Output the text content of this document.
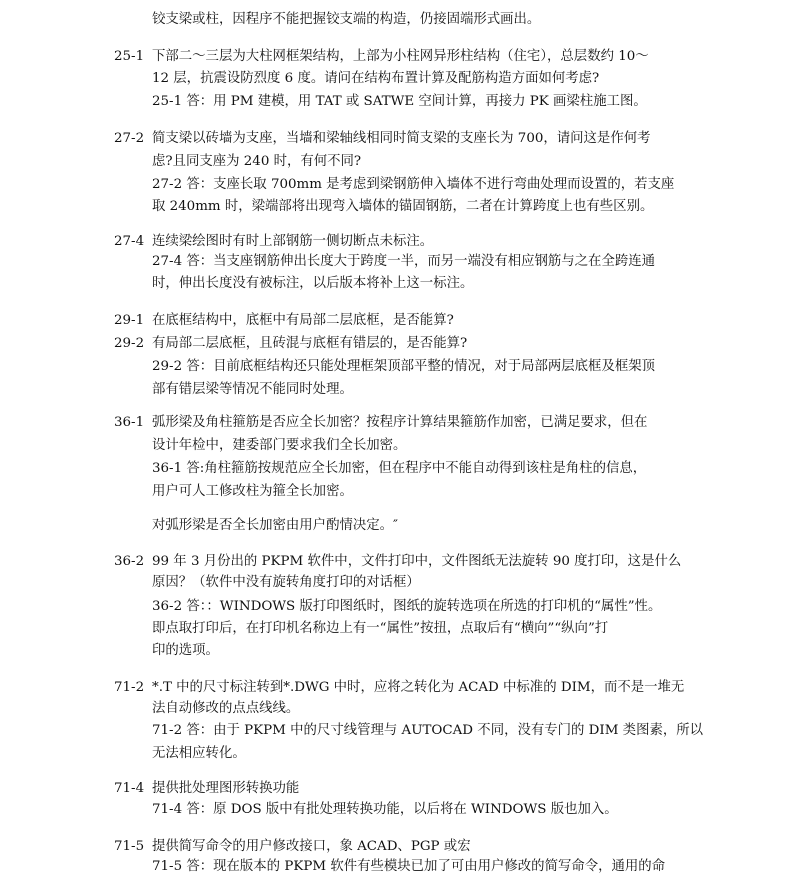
铰支梁或柱，因程序不能把握铰支端的构造，仍接固端形式画出。
25-1 下部二～三层为大柱网框架结构，上部为小柱网异形柱结构（住宅），总层数约 10～
12 层，抗震设防烈度 6 度。请问在结构布置计算及配筋构造方面如何考虑?
25-1 答：用 PM 建模，用 TAT 或 SATWE 空间计算，再接力 PK 画梁柱施工图。
27-2 简支梁以砖墙为支座，当墙和梁轴线相同时简支梁的支座长为 700，请问这是作何考
虑?且同支座为 240 时，有何不同?
27-2 答：支座长取 700mm 是考虑到梁钢筋伸入墙体不进行弯曲处理而设置的，若支座
取 240mm 时，梁端部将出现弯入墙体的锚固钢筋，二者在计算跨度上也有些区别。
27-4 连续梁绘图时有时上部钢筋一侧切断点未标注。
27-4 答：当支座钢筋伸出长度大于跨度一半，而另一端没有相应钢筋与之在全跨连通
时，伸出长度没有被标注，以后版本将补上这一标注。
29-1 在底框结构中，底框中有局部二层底框，是否能算?
29-2 有局部二层底框，且砖混与底框有错层的，是否能算?
29-2 答：目前底框结构还只能处理框架顶部平整的情况，对于局部两层底框及框架顶
部有错层梁等情况不能同时处理。
36-1 弧形梁及角柱箍筋是否应全长加密？按程序计算结果箍筋作加密，已满足要求，但在
设计年检中，建委部门要求我们全长加密。
36-1 答:角柱箍筋按规范应全长加密，但在程序中不能自动得到该柱是角柱的信息，
用户可人工修改柱为箍全长加密。
对弧形梁是否全长加密由用户酌情决定。″
36-2 99 年 3 月份出的 PKPM 软件中，文件打印中，文件图纸无法旋转 90 度打印，这是什么
原因？（软件中没有旋转角度打印的对话框）
36-2 答：：WINDOWS 版打印图纸时，图纸的旋转选项在所选的打印机的“属性”性。
即点取打印后，在打印机名称边上有一“属性”按扭，点取后有“横向”“纵向”打
印的选项。
71-2 *.T 中的尺寸标注转到*.DWG 中时，应将之转化为 ACAD 中标准的 DIM，而不是一堆无
法自动修改的点点线线。
71-2 答：由于 PKPM 中的尺寸线管理与 AUTOCAD 不同，没有专门的 DIM 类图素，所以
无法相应转化。
71-4 提供批处理图形转换功能
71-4 答：原 DOS 版中有批处理转换功能，以后将在 WINDOWS 版也加入。
71-5 提供简写命令的用户修改接口，象 ACAD、PGP 或宏
71-5 答：现在版本的 PKPM 软件有些模块已加了可由用户修改的简写命令，通用的命
